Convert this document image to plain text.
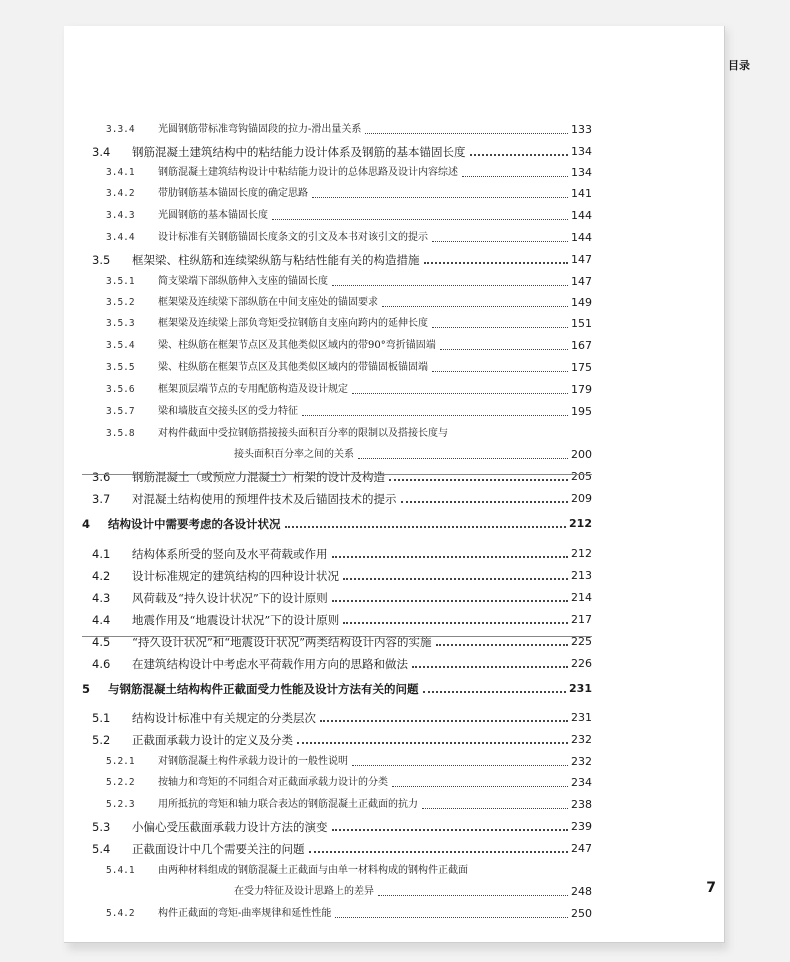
目录
3.3.4	光圆钢筋带标准弯钩锚固段的拉力-滑出量关系	133
3.4	钢筋混凝土建筑结构中的粘结能力设计体系及钢筋的基本锚固长度	134
3.4.1	钢筋混凝土建筑结构设计中粘结能力设计的总体思路及设计内容综述	134
3.4.2	带肋钢筋基本锚固长度的确定思路	141
3.4.3	光圆钢筋的基本锚固长度	144
3.4.4	设计标准有关钢筋锚固长度条文的引文及本书对该引文的提示	144
3.5	框架梁、柱纵筋和连续梁纵筋与粘结性能有关的构造措施	147
3.5.1	简支梁端下部纵筋伸入支座的锚固长度	147
3.5.2	框架梁及连续梁下部纵筋在中间支座处的锚固要求	149
3.5.3	框架梁及连续梁上部负弯矩受拉钢筋自支座向跨内的延伸长度	151
3.5.4	梁、柱纵筋在框架节点区及其他类似区域内的带90°弯折锚固端	167
3.5.5	梁、柱纵筋在框架节点区及其他类似区域内的带锚固板锚固端	175
3.5.6	框架顶层端节点的专用配筋构造及设计规定	179
3.5.7	梁和墙肢直交接头区的受力特征	195
3.5.8	对构件截面中受拉钢筋搭接接头面积百分率的限制以及搭接长度与
接头面积百分率之间的关系	200
3.6	钢筋混凝土（或预应力混凝土）桁架的设计及构造	205
3.7	对混凝土结构使用的预埋件技术及后锚固技术的提示	209
4	结构设计中需要考虑的各设计状况	212
4.1	结构体系所受的竖向及水平荷载或作用	212
4.2	设计标准规定的建筑结构的四种设计状况	213
4.3	风荷载及“持久设计状况”下的设计原则	214
4.4	地震作用及“地震设计状况”下的设计原则	217
4.5	“持久设计状况”和“地震设计状况”两类结构设计内容的实施	225
4.6	在建筑结构设计中考虑水平荷载作用方向的思路和做法	226
5	与钢筋混凝土结构构件正截面受力性能及设计方法有关的问题	231
5.1	结构设计标准中有关规定的分类层次	231
5.2	正截面承载力设计的定义及分类	232
5.2.1	对钢筋混凝土构件承载力设计的一般性说明	232
5.2.2	按轴力和弯矩的不同组合对正截面承载力设计的分类	234
5.2.3	用所抵抗的弯矩和轴力联合表达的钢筋混凝土正截面的抗力	238
5.3	小偏心受压截面承载力设计方法的演变	239
5.4	正截面设计中几个需要关注的问题	247
5.4.1	由两种材料组成的钢筋混凝土正截面与由单一材料构成的钢构件正截面
在受力特征及设计思路上的差异	248
5.4.2	构件正截面的弯矩-曲率规律和延性性能	250
7
